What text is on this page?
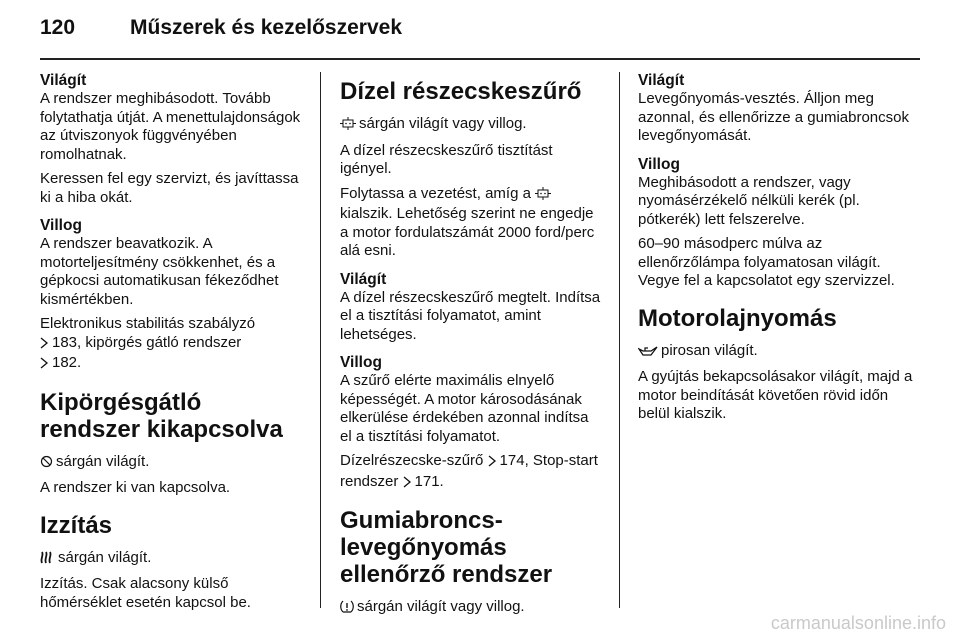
120	Műszerek és kezelőszervek
Világít

A rendszer meghibásodott. Tovább folytathatja útját. A menettulajdonságok az útviszonyok függvényében romolhatnak.

Keressen fel egy szervizt, és javíttassa ki a hiba okát.

Villog

A rendszer beavatkozik. A motorteljesítmény csökkenhet, és a gépkocsi automatikusan fékeződhet kismértékben.

Elektronikus stabilitás szabályzó
183, kipörgés gátló rendszer
182.

Kipörgésgátló rendszer kikapcsolva

sárgán világít.

A rendszer ki van kapcsolva.

Izzítás

sárgán világít.

Izzítás. Csak alacsony külső hőmérséklet esetén kapcsol be.

Dízel részecskeszűrő

sárgán világít vagy villog.

A dízel részecskeszűrő tisztítást igényel.

Folytassa a vezetést, amíg a  kialszik. Lehetőség szerint ne engedje a motor fordulatszámát 2000 ford/perc alá esni.

Világít

A dízel részecskeszűrő megtelt. Indítsa el a tisztítási folyamatot, amint lehetséges.

Villog

A szűrő elérte maximális elnyelő képességét. A motor károsodásának elkerülése érdekében azonnal indítsa el a tisztítási folyamatot.

Dízelrészecske-szűrő 174, Stop-start rendszer 171.

Gumiabroncs-levegőnyomás ellenőrző rendszer

sárgán világít vagy villog.

Világít

Levegőnyomás-vesztés. Álljon meg azonnal, és ellenőrizze a gumiabroncsok levegőnyomását.

Villog

Meghibásodott a rendszer, vagy nyomásérzékelő nélküli kerék (pl. pótkerék) lett felszerelve.

60–90 másodperc múlva az ellenőrzőlámpa folyamatosan világít. Vegye fel a kapcsolatot egy szervizzel.

Motorolajnyomás

pirosan világít.

A gyújtás bekapcsolásakor világít, majd a motor beindítását követően rövid időn belül kialszik.

carmanualsonline.info
